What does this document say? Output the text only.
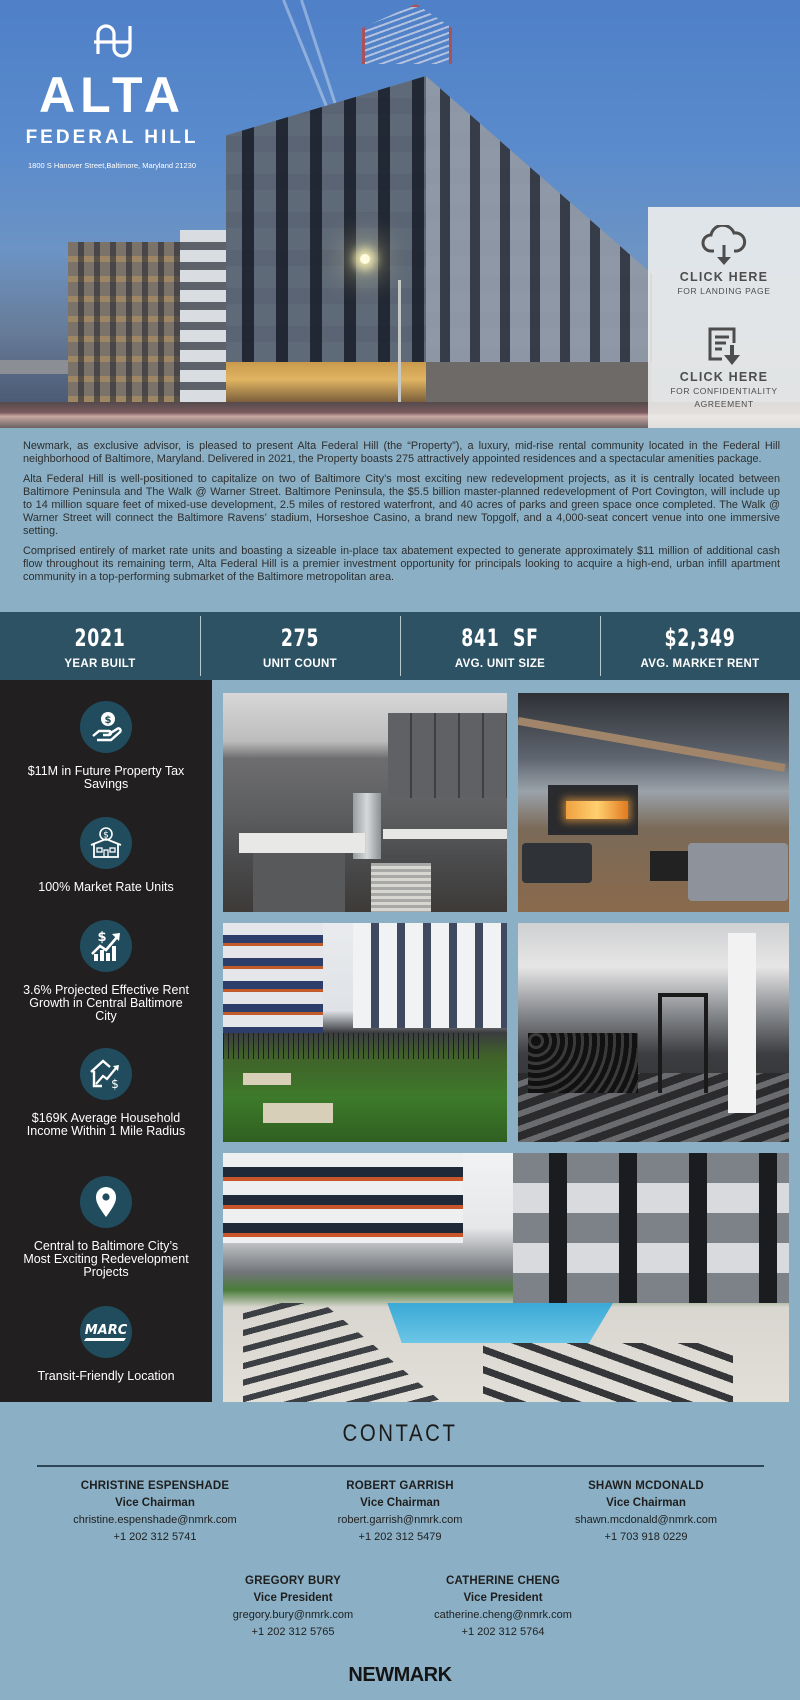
ALTA
FEDERAL HILL
1800 S Hanover Street,Baltimore, Maryland 21230
CLICK HERE
FOR LANDING PAGE
CLICK HERE
FOR CONFIDENTIALITY
AGREEMENT

Newmark, as exclusive advisor, is pleased to present Alta Federal Hill (the “Property”), a luxury, mid-rise rental community located in the Federal Hill neighborhood of Baltimore, Maryland. Delivered in 2021, the Property boasts 275 attractively appointed residences and a spectacular amenities package.

Alta Federal Hill is well-positioned to capitalize on two of Baltimore City’s most exciting new redevelopment projects, as it is centrally located between Baltimore Peninsula and The Walk @ Warner Street. Baltimore Peninsula, the $5.5 billion master-planned redevelopment of Port Covington, will include up to 14 million square feet of mixed-use development, 2.5 miles of restored waterfront, and 40 acres of parks and green space once completed. The Walk @ Warner Street will connect the Baltimore Ravens’ stadium, Horseshoe Casino, a brand new Topgolf, and a 4,000-seat concert venue into one immersive setting.

Comprised entirely of market rate units and boasting a sizeable in-place tax abatement expected to generate approximately $11 million of additional cash flow throughout its remaining term, Alta Federal Hill is a premier investment opportunity for principals looking to acquire a high-end, urban infill apartment community in a top-performing submarket of the Baltimore metropolitan area.

2021
YEAR BUILT
275
UNIT COUNT
841  SF
AVG. UNIT SIZE
$2,349
AVG. MARKET RENT
$
$11M in Future Property Tax Savings
$
100% Market Rate Units
$
3.6% Projected Effective Rent Growth in Central Baltimore City
$
$169K Average Household Income Within 1 Mile Radius
Central to Baltimore City’s Most Exciting Redevelopment Projects
MARC
Transit-Friendly Location
CONTACT
CHRISTINE ESPENSHADE
Vice Chairman
christine.espenshade@nmrk.com
+1 202 312 5741
ROBERT GARRISH
Vice Chairman
robert.garrish@nmrk.com
+1 202 312 5479
SHAWN MCDONALD
Vice Chairman
shawn.mcdonald@nmrk.com
+1 703 918 0229
GREGORY BURY
Vice President
gregory.bury@nmrk.com
+1 202 312 5765
CATHERINE CHENG
Vice President
catherine.cheng@nmrk.com
+1 202 312 5764
NEWMARK
